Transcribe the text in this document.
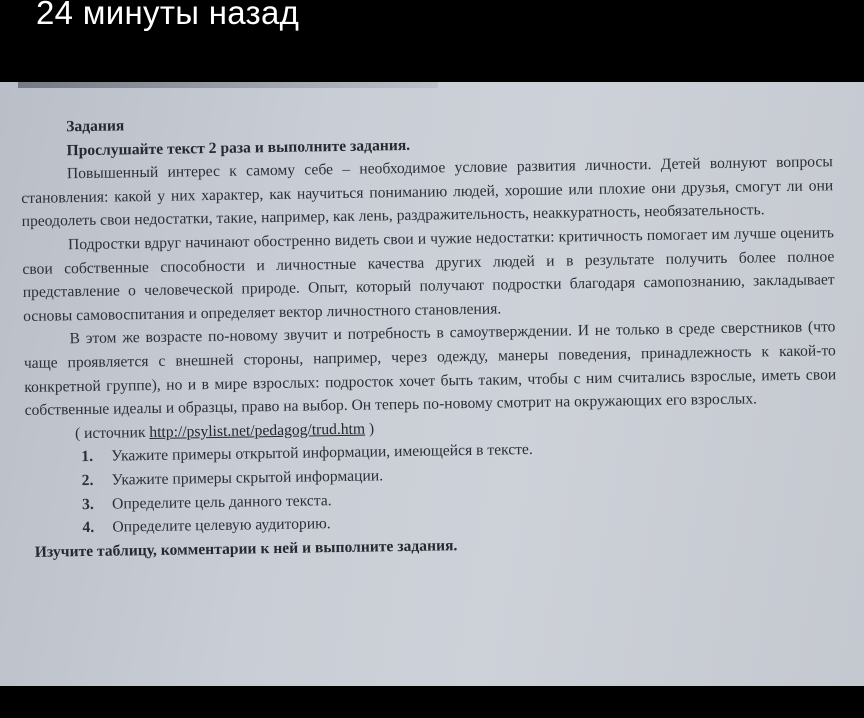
24 минуты назад
Задания
Прослушайте текст 2 раза и выполните задания.

Повышенный интерес к самому себе – необходимое условие развития личности. Детей волнуют вопросы становления: какой у них характер, как научиться пониманию людей, хорошие или плохие они друзья, смогут ли они преодолеть свои недостатки, такие, например, как лень, раздражительность, неаккуратность, необязательность.

Подростки вдруг начинают обостренно видеть свои и чужие недостатки: критичность помогает им лучше оценить свои собственные способности и личностные качества других людей и в результате получить более полное представление о человеческой природе. Опыт, который получают подростки благодаря самопознанию, закладывает основы самовоспитания и определяет вектор личностного становления.

В этом же возрасте по-новому звучит и потребность в самоутверждении. И не только в среде сверстников (что чаще проявляется с внешней стороны, например, через одежду, манеры поведения, принадлежность к какой-то конкретной группе), но и в мире взрослых: подросток хочет быть таким, чтобы с ним считались взрослые, иметь свои собственные идеалы и образцы, право на выбор. Он теперь по-новому смотрит на окружающих его взрослых.

( источник http://psylist.net/pedagog/trud.htm )
1.	Укажите примеры открытой информации, имеющейся в тексте.
2.	Укажите примеры скрытой информации.
3.	Определите цель данного текста.
4.	Определите целевую аудиторию.
Изучите таблицу, комментарии к ней и выполните задания.
